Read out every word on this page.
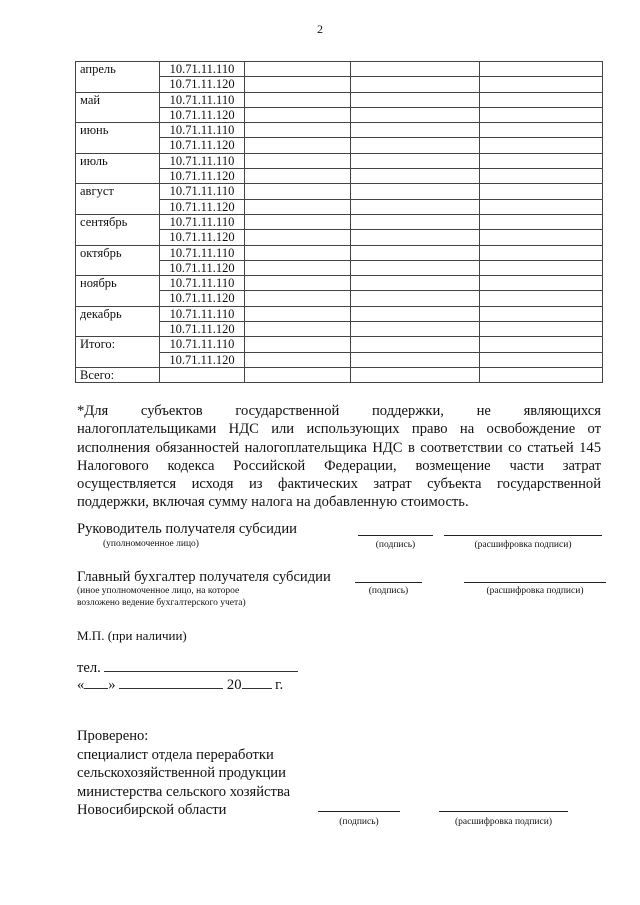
2
апрель	10.71.11.110			
	10.71.11.120			
май	10.71.11.110			
	10.71.11.120			
июнь	10.71.11.110			
	10.71.11.120			
июль	10.71.11.110			
	10.71.11.120			
август	10.71.11.110			
	10.71.11.120			
сентябрь	10.71.11.110			
	10.71.11.120			
октябрь	10.71.11.110			
	10.71.11.120			
ноябрь	10.71.11.110			
	10.71.11.120			
декабрь	10.71.11.110			
	10.71.11.120			
Итого:	10.71.11.110			
	10.71.11.120			
Всего:				
*Для субъектов государственной поддержки, не являющихся
налогоплательщиками НДС или использующих право на освобождение от
исполнения обязанностей налогоплательщика НДС в соответствии со статьей 145
Налогового кодекса Российской Федерации, возмещение части затрат
осуществляется исходя из фактических затрат субъекта государственной
поддержки, включая сумму налога на добавленную стоимость.
Руководитель получателя субсидии
(уполномоченное лицо)	(подпись)	(расшифровка подписи)
Главный бухгалтер получателя субсидии
(иное уполномоченное лицо, на которое
возложено ведение бухгалтерского учета)
(подпись)	(расшифровка подписи)
М.П. (при наличии)
тел.
« »	20 г.
Проверено:
специалист отдела переработки
сельскохозяйственной продукции
министерства сельского хозяйства
Новосибирской области
(подпись)	(расшифровка подписи)
